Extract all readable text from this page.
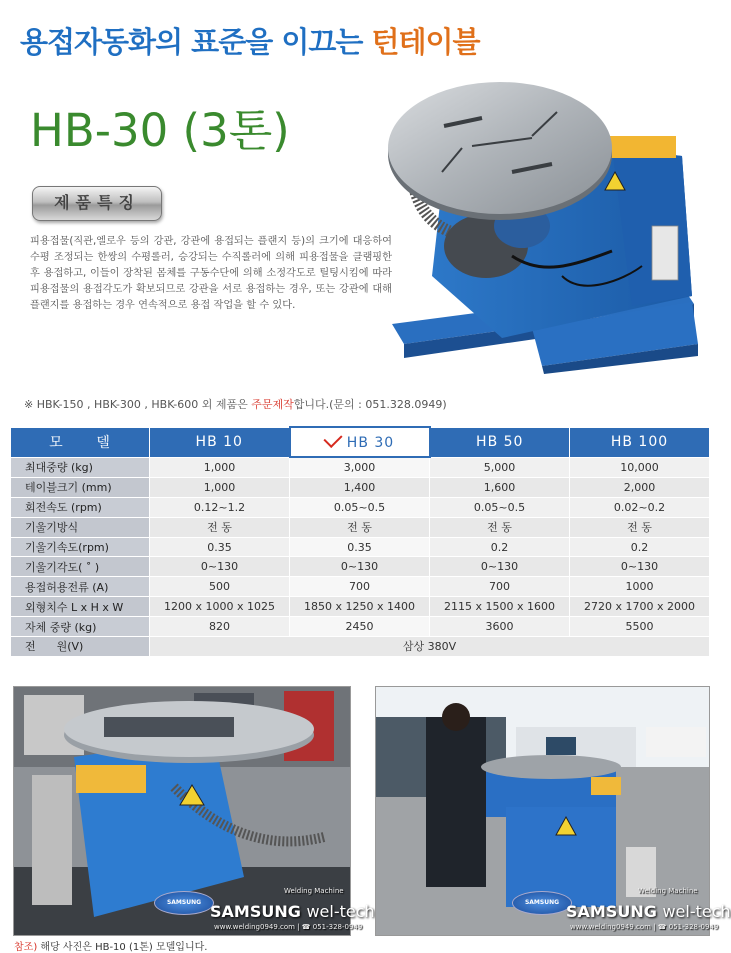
용접자동화의 표준을 이끄는 턴테이블
HB-30 (3톤)
제품특징

피용접물(직관,엘로우 등의 강관, 강관에 용접되는 플랜지 등)의 크기에 대응하여 수평 조정되는 한쌍의 수평롤러, 승강되는 수직롤러에 의해 피용접물을 클램핑한후 용접하고, 이들이 장착된 몸체를 구동수단에 의해 소정각도로 틸팅시킴에 따라 피용접물의 용접각도가 확보되므로 강관을 서로 용접하는 경우, 또는 강관에 대해 플랜지를 용접하는 경우 연속적으로 용접 작업을 할 수 있다.

※ HBK-150 , HBK-300 , HBK-600 외 제품은 주문제작합니다.(문의 : 051.328.0949)
모      델	HB 10	HB 30	HB 50	HB 100
최대중량 (kg)	1,000	3,000	5,000	10,000
테이블크기 (mm)	1,000	1,400	1,600	2,000
회전속도 (rpm)	0.12~1.2	0.05~0.5	0.05~0.5	0.02~0.2
기울기방식	전 동	전 동	전 동	전 동
기울기속도(rpm)	0.35	0.35	0.2	0.2
기울기각도( ˚ )	0~130	0~130	0~130	0~130
용접허용전류 (A)	500	700	700	1000
외형치수 L x H x W	1200 x 1000 x 1025	1850 x 1250 x 1400	2115 x 1500 x 1600	2720 x 1700 x 2000
자체 중량 (kg)	820	2450	3600	5500
전      원(V)	삼상 380V			
SAMSUNG
Welding Machine
SAMSUNG wel-tech
www.welding0949.com | ☎ 051-328-0949
SAMSUNG
Welding Machine
SAMSUNG wel-tech
www.welding0949.com | ☎ 051-328-0949
참조) 해당 사진은 HB-10 (1톤) 모델입니다.
